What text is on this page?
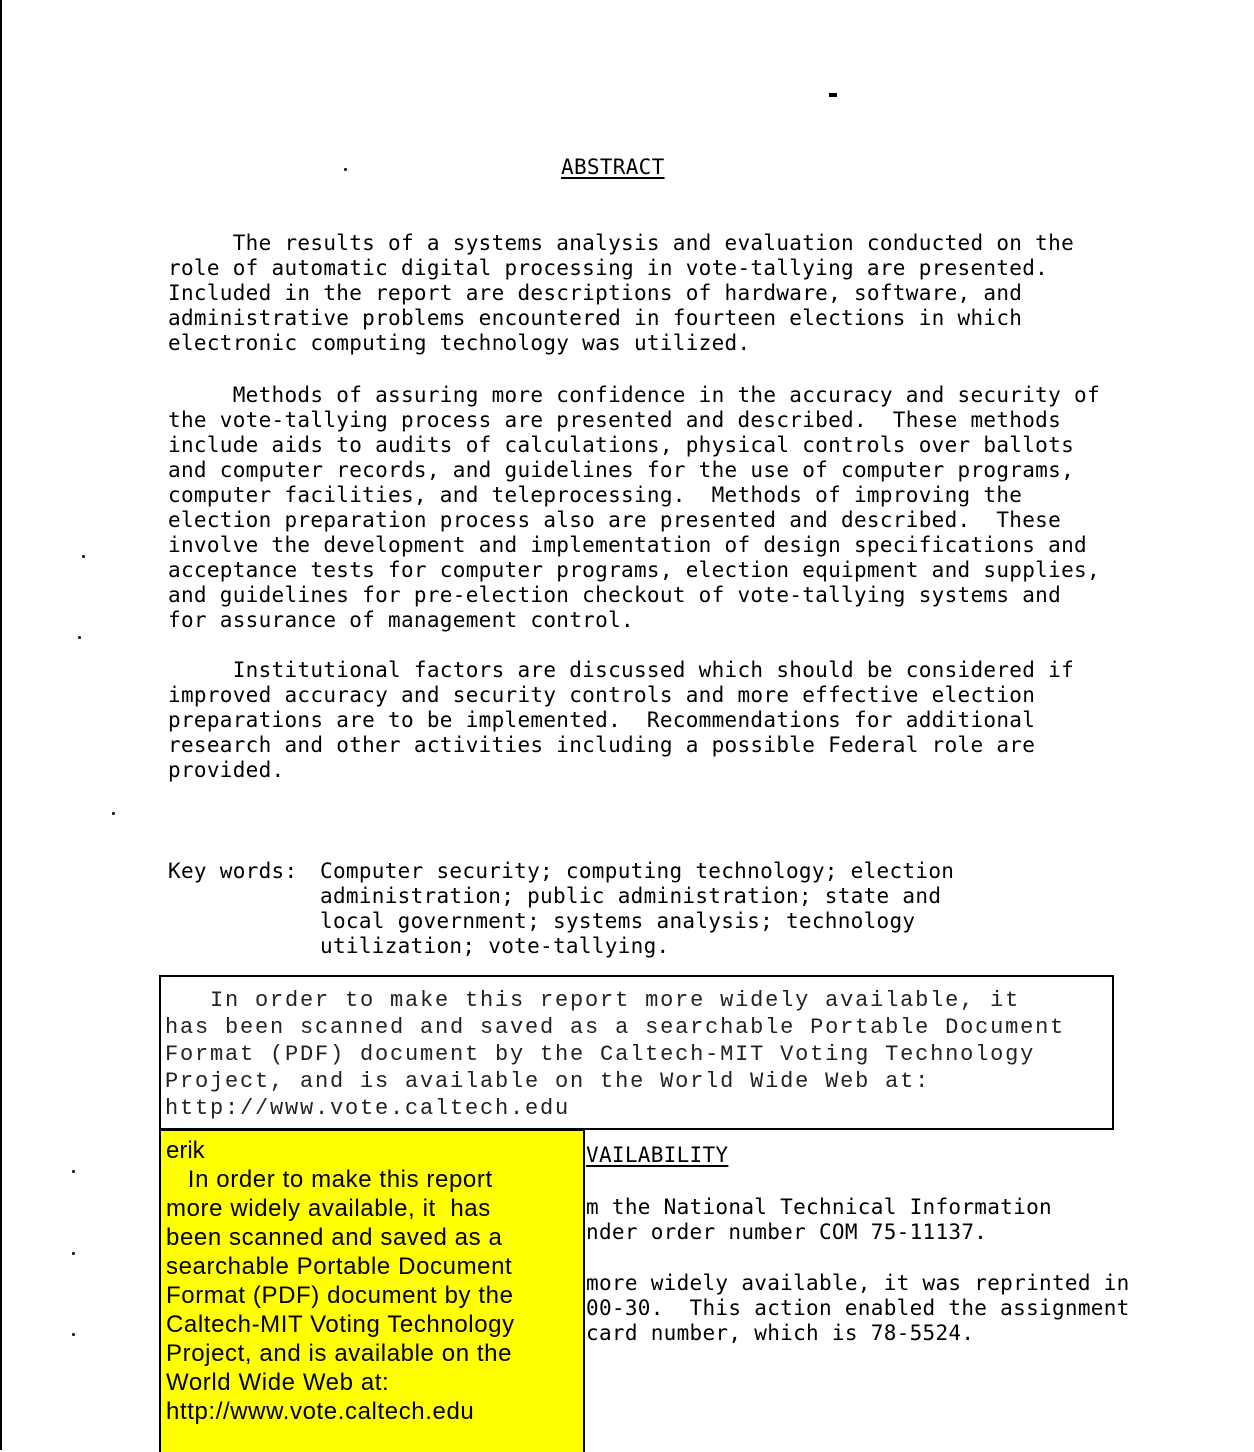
ABSTRACT
The results of a systems analysis and evaluation conducted on the
role of automatic digital processing in vote-tallying are presented.
Included in the report are descriptions of hardware, software, and
administrative problems encountered in fourteen elections in which
electronic computing technology was utilized.
Methods of assuring more confidence in the accuracy and security of
the vote-tallying process are presented and described.  These methods
include aids to audits of calculations, physical controls over ballots
and computer records, and guidelines for the use of computer programs,
computer facilities, and teleprocessing.  Methods of improving the
election preparation process also are presented and described.  These
involve the development and implementation of design specifications and
acceptance tests for computer programs, election equipment and supplies,
and guidelines for pre-election checkout of vote-tallying systems and
for assurance of management control.
Institutional factors are discussed which should be considered if
improved accuracy and security controls and more effective election
preparations are to be implemented.  Recommendations for additional
research and other activities including a possible Federal role are
provided.
Key words: Computer security; computing technology; election
administration; public administration; state and
local government; systems analysis; technology
utilization; vote-tallying.
In order to make this report more widely available, it
has been scanned and saved as a searchable Portable Document
Format (PDF) document by the Caltech-MIT Voting Technology
Project, and is available on the World Wide Web at:
http://www.vote.caltech.edu
VAILABILITY
m the National Technical Information
nder order number COM 75-11137.
more widely available, it was reprinted in
00-30.  This action enabled the assignment
card number, which is 78-5524.
erik
In order to make this report
more widely available, it  has
been scanned and saved as a
searchable Portable Document
Format (PDF) document by the
Caltech-MIT Voting Technology
Project, and is available on the
World Wide Web at:
http://www.vote.caltech.edu
